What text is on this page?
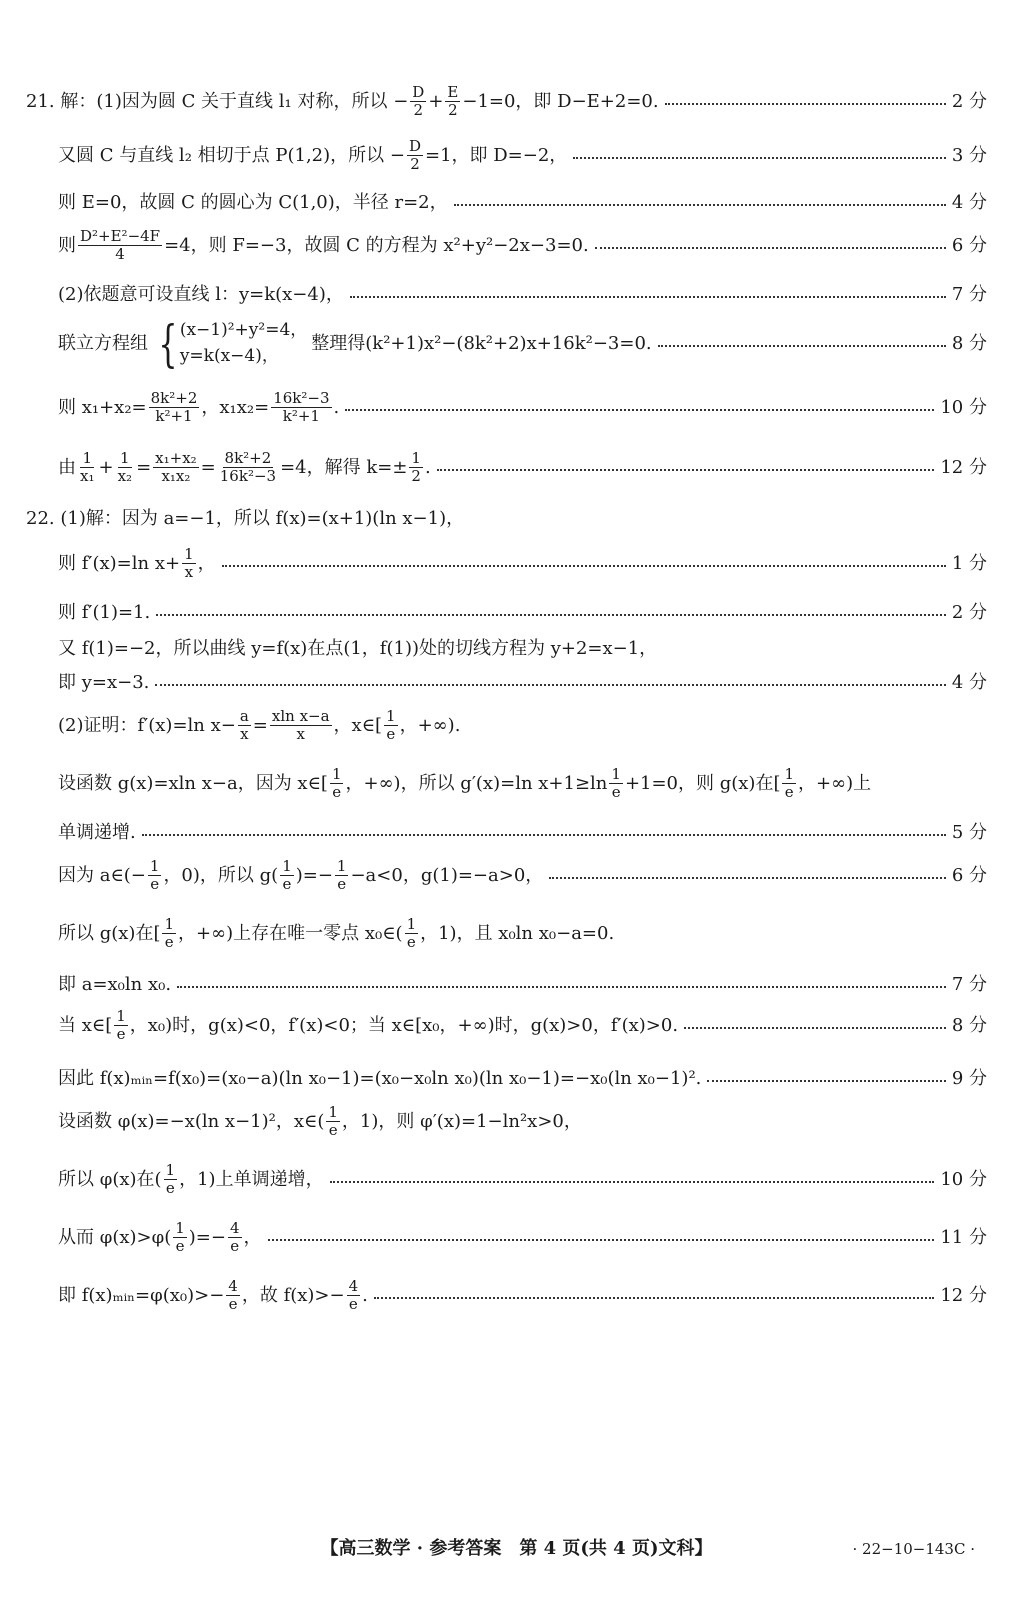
21. 解：(1)因为圆 C 关于直线 l₁ 对称，所以 − $\frac{D}{2} + \frac{E}{2} -1=0$，即 D−E+2=0.	2 分
又圆 C 与直线 l₂ 相切于点 P(1,2)，所以 − $\frac{D}{2} =1$，即 D=−2，	3 分
则 E=0，故圆 C 的圆心为 C(1,0)，半径 r=2，	4 分
则 $\frac{\text{D²+E²−4F}}{4} =4$，则 F=−3，故圆 C 的方程为 x²+y²−2x−3=0.	6 分
(2)依题意可设直线 l：y=k(x−4)，	7 分
联立方程组 { (x−1)²+y²=4，
y=k(x−4)，
整理得(k²+1)x²−(8k²+2)x+16k²−3=0.	8 分
则 $x_1+x_2= \frac{\text{8k²+2}}{\text{k²+1}}$ ，$x_1x_2= \frac{\text{16k²−3}}{\text{k²+1}}$ .	10 分
由 $\frac{1}{\text{x₁}} + \frac{1}{\text{x₂}} = \frac{\text{x₁+x₂}}{\text{x₁x₂}} = \frac{\text{8k²+2}}{\text{16k²−3}} =4$，解得 $k=\pm \frac{1}{2}$ .	12 分
22. (1)解：因为 a=−1，所以 f(x)=(x+1)(ln x−1)，
则 f′(x)=ln $x+ \frac{1}{x}$ ，	1 分
则 f′(1)=1.	2 分
又 f(1)=−2，所以曲线 y=f(x)在点(1，f(1))处的切线方程为 y+2=x−1，
即 y=x−3.	4 分
(2)证明：f′(x)=ln $x- \frac{a}{x} = \frac{\text{xln x−a}}{x}$ ，x∈[ $\frac{1}{e}$ ，+∞).
设函数 g(x)=xln x−a，因为 x∈[ $\frac{1}{e}$ ，+∞)，所以 g′(x)=ln $x+1\ge\ln \frac{1}{e} +1=0$，则 g(x)在[ $\frac{1}{e}$ ，+∞)上
单调递增.	5 分
因为 a∈(− $\frac{1}{e}$ ，0)，所以 $g( \frac{1}{e}$ )=− $\frac{1}{e} -a<0$，g(1)=−a>0，	6 分
所以 g(x)在[ $\frac{1}{e}$ ，+∞)上存在唯一零点 x₀∈( $\frac{1}{e}$ ，1)，且 x₀ln x₀−a=0.
即 a=x₀ln x₀.	7 分
当 x∈[ $\frac{1}{e}$ ，x₀)时，g(x)<0，f′(x)<0；当 x∈[x₀，+∞)时，g(x)>0，f′(x)>0.	8 分
因此 f(x)ₘᵢₙ=f(x₀)=(x₀−a)(ln x₀−1)=(x₀−x₀ln x₀)(ln x₀−1)=−x₀(ln x₀−1)².	9 分
设函数 φ(x)=−x(ln x−1)²，x∈( $\frac{1}{e}$ ，1)，则 φ′(x)=1−ln²x>0，
所以 φ(x)在( $\frac{1}{e}$ ，1)上单调递增，	10 分
从而 $\varphi(x)>\varphi( \frac{1}{e}$ )=− $\frac{4}{e}$ ，	11 分
即 f(x)ₘᵢₙ=φ(x₀)>− $\frac{4}{e}$ ，故 $f(x)>- \frac{4}{e}$ .	12 分
【高三数学 · 参考答案　第 4 页(共 4 页)文科】	· 22−10−143C ·
